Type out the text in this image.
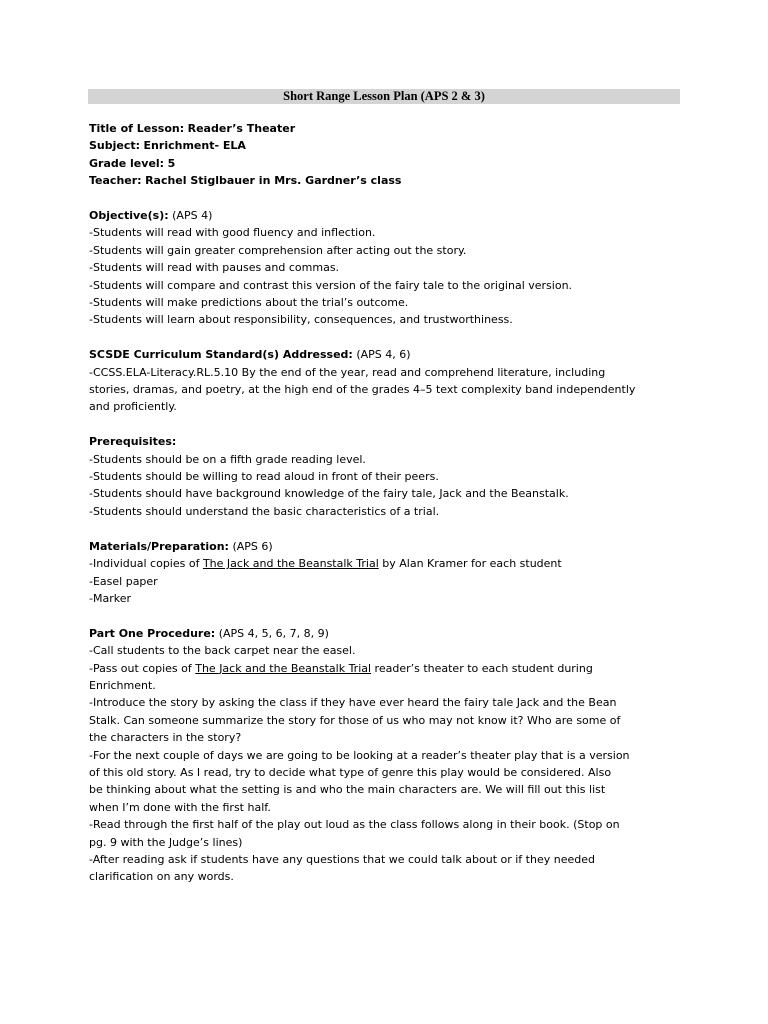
Short Range Lesson Plan (APS 2 & 3)

Title of Lesson: Reader’s Theater

Subject: Enrichment- ELA

Grade level: 5

Teacher: Rachel Stiglbauer in Mrs. Gardner’s class

Objective(s): (APS 4)

-Students will read with good fluency and inflection.

-Students will gain greater comprehension after acting out the story.

-Students will read with pauses and commas.

-Students will compare and contrast this version of the fairy tale to the original version.

-Students will make predictions about the trial’s outcome.

-Students will learn about responsibility, consequences, and trustworthiness.

SCSDE Curriculum Standard(s) Addressed: (APS 4, 6)

-CCSS.ELA-Literacy.RL.5.10 By the end of the year, read and comprehend literature, including

stories, dramas, and poetry, at the high end of the grades 4–5 text complexity band independently

and proficiently.

Prerequisites:

-Students should be on a fifth grade reading level.

-Students should be willing to read aloud in front of their peers.

-Students should have background knowledge of the fairy tale, Jack and the Beanstalk.

-Students should understand the basic characteristics of a trial.

Materials/Preparation: (APS 6)

-Individual copies of The Jack and the Beanstalk Trial by Alan Kramer for each student

-Easel paper

-Marker

Part One Procedure: (APS 4, 5, 6, 7, 8, 9)

-Call students to the back carpet near the easel.

-Pass out copies of The Jack and the Beanstalk Trial reader’s theater to each student during

Enrichment.

-Introduce the story by asking the class if they have ever heard the fairy tale Jack and the Bean

Stalk. Can someone summarize the story for those of us who may not know it? Who are some of

the characters in the story?

-For the next couple of days we are going to be looking at a reader’s theater play that is a version

of this old story. As I read, try to decide what type of genre this play would be considered. Also

be thinking about what the setting is and who the main characters are. We will fill out this list

when I’m done with the first half.

-Read through the first half of the play out loud as the class follows along in their book. (Stop on

pg. 9 with the Judge’s lines)

-After reading ask if students have any questions that we could talk about or if they needed

clarification on any words.
